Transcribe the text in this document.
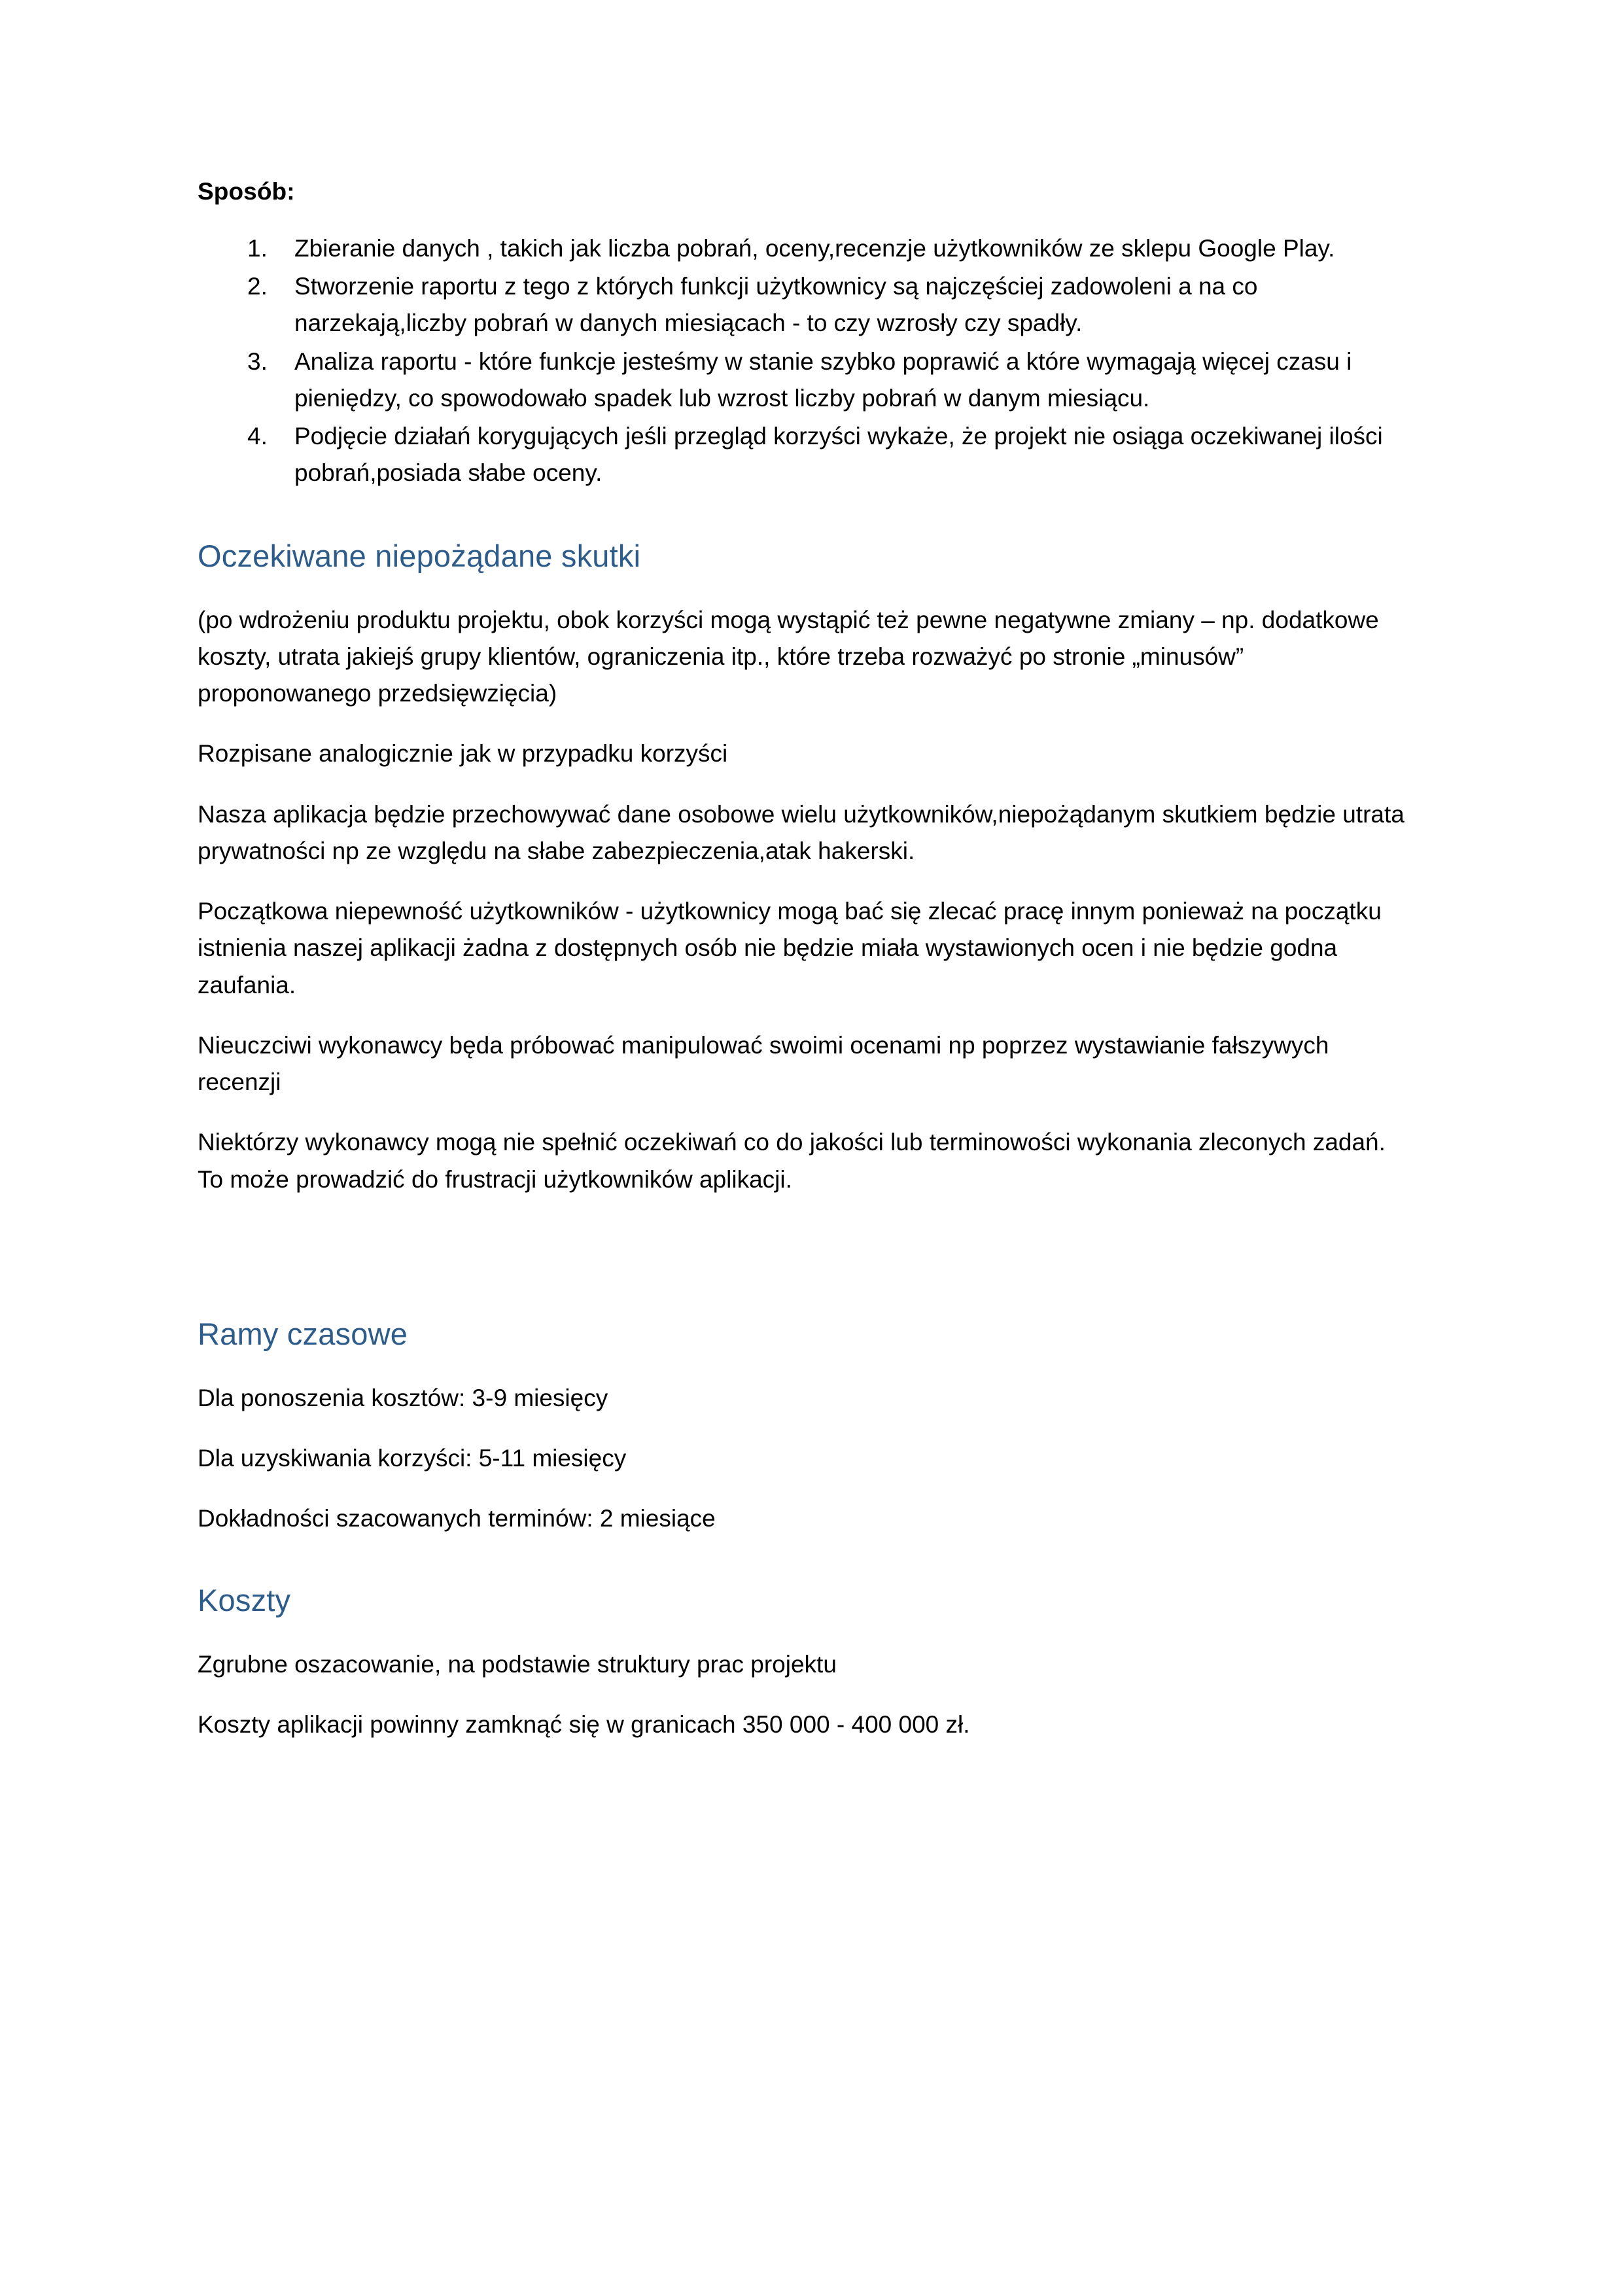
Sposób:

Zbieranie danych , takich jak liczba pobrań, oceny,recenzje użytkowników ze sklepu Google Play.
Stworzenie raportu z tego z których funkcji użytkownicy są najczęściej zadowoleni a na co narzekają,liczby pobrań w danych miesiącach - to czy wzrosły czy spadły.
Analiza raportu - które funkcje jesteśmy w stanie szybko poprawić a które wymagają więcej czasu i pieniędzy, co spowodowało spadek lub wzrost liczby pobrań w danym miesiącu.
Podjęcie działań korygujących jeśli przegląd korzyści wykaże, że projekt nie osiąga oczekiwanej ilości pobrań,posiada słabe oceny.
Oczekiwane niepożądane skutki

(po wdrożeniu produktu projektu, obok korzyści mogą wystąpić też pewne negatywne zmiany – np. dodatkowe koszty, utrata jakiejś grupy klientów, ograniczenia itp., które trzeba rozważyć po stronie „minusów” proponowanego przedsięwzięcia)

Rozpisane analogicznie jak w przypadku korzyści

Nasza aplikacja będzie przechowywać dane osobowe wielu użytkowników,niepożądanym skutkiem będzie utrata prywatności np ze względu na słabe zabezpieczenia,atak hakerski.

Początkowa niepewność użytkowników - użytkownicy mogą bać się zlecać pracę innym ponieważ na początku istnienia naszej aplikacji żadna z dostępnych osób nie będzie miała wystawionych ocen i nie będzie godna zaufania.

Nieuczciwi wykonawcy będa próbować manipulować swoimi ocenami np poprzez wystawianie fałszywych recenzji

Niektórzy wykonawcy mogą nie spełnić oczekiwań co do jakości lub terminowości wykonania zleconych zadań. To może prowadzić do frustracji użytkowników aplikacji.

Ramy czasowe

Dla ponoszenia kosztów: 3-9 miesięcy

Dla uzyskiwania korzyści: 5-11 miesięcy

Dokładności szacowanych terminów: 2 miesiące

Koszty

Zgrubne oszacowanie, na podstawie struktury prac projektu

Koszty aplikacji powinny zamknąć się w granicach 350 000 - 400 000 zł.
